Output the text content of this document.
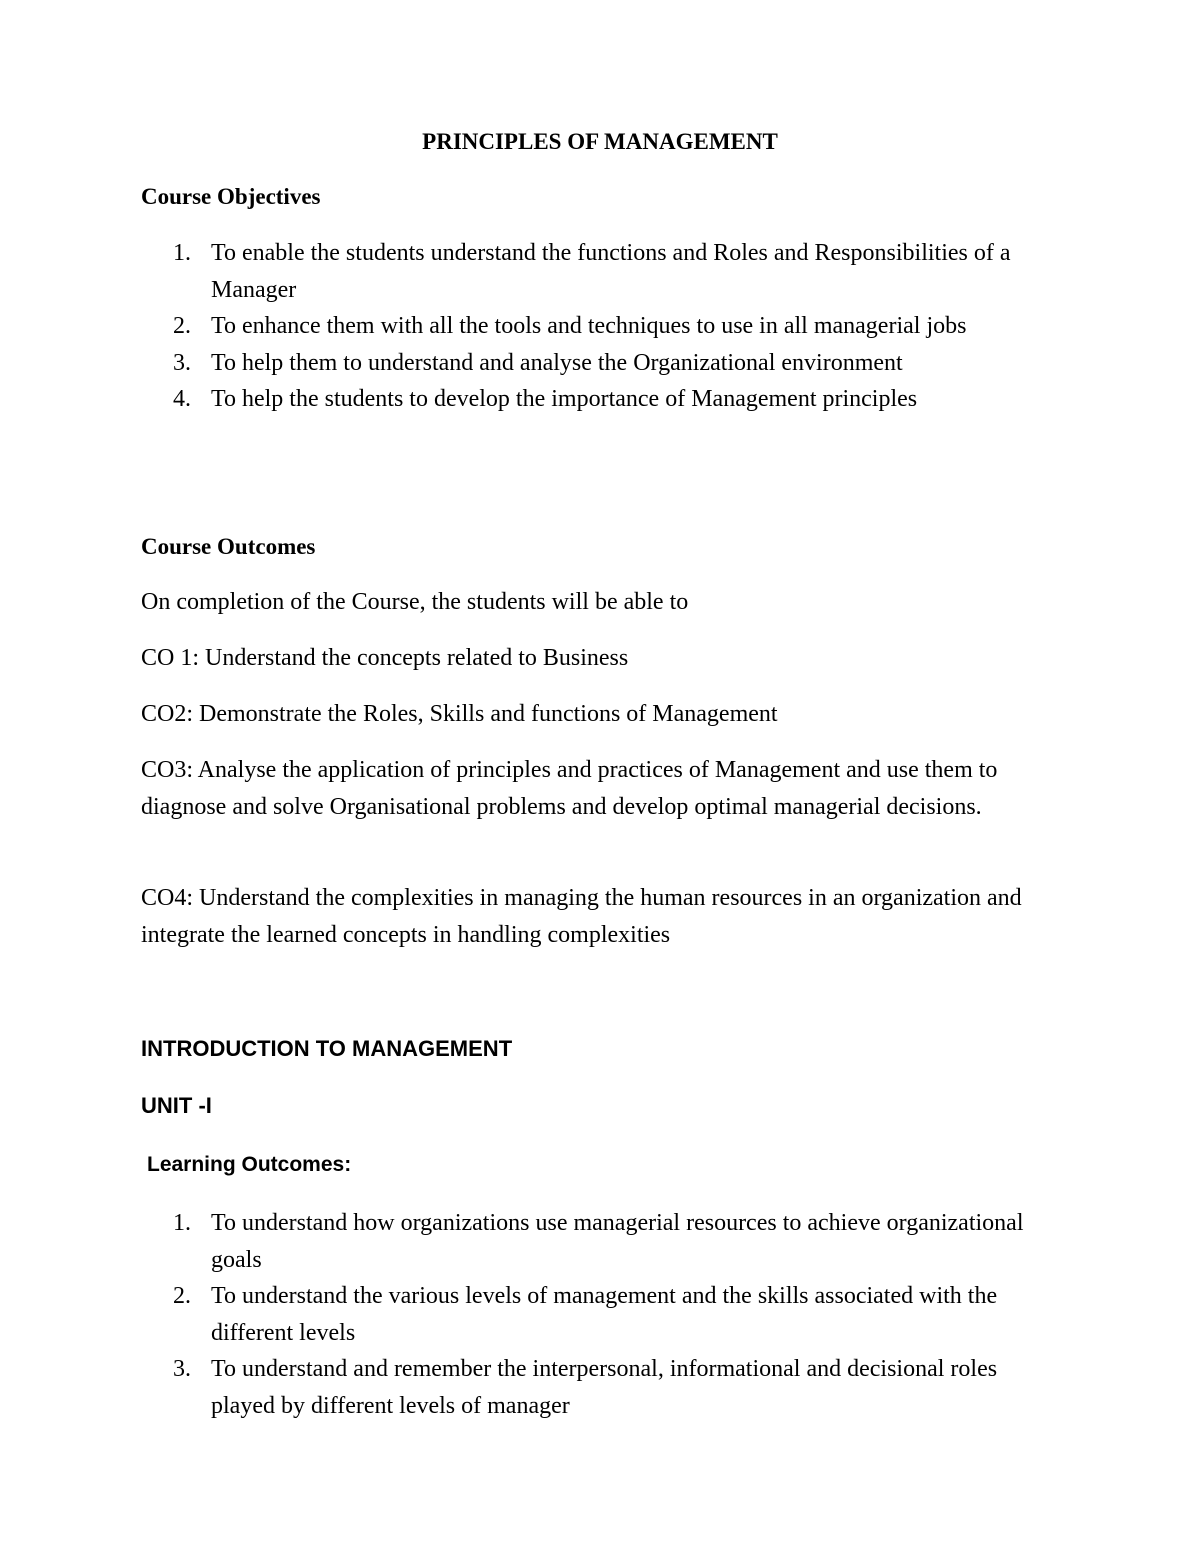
PRINCIPLES OF MANAGEMENT
Course Objectives
1. To enable the students understand the functions and Roles and Responsibilities of a Manager
2. To enhance them with all the tools and techniques to use in all managerial jobs
3. To help them to understand and analyse the Organizational environment
4. To help the students to develop the importance of Management principles
Course Outcomes
On completion of the Course, the students will be able to
CO 1: Understand the concepts related to Business
CO2: Demonstrate the Roles, Skills and functions of Management
CO3: Analyse the application of principles and practices of Management and use them to diagnose and solve Organisational problems and develop optimal managerial decisions.
CO4: Understand the complexities in managing the human resources in an organization and integrate the learned concepts in handling complexities
INTRODUCTION TO MANAGEMENT
UNIT -I
Learning Outcomes:
1. To understand how organizations use managerial resources to achieve organizational goals
2. To understand the various levels of management and the skills associated with the different levels
3. To understand and remember the interpersonal, informational and decisional roles played by different levels of manager
